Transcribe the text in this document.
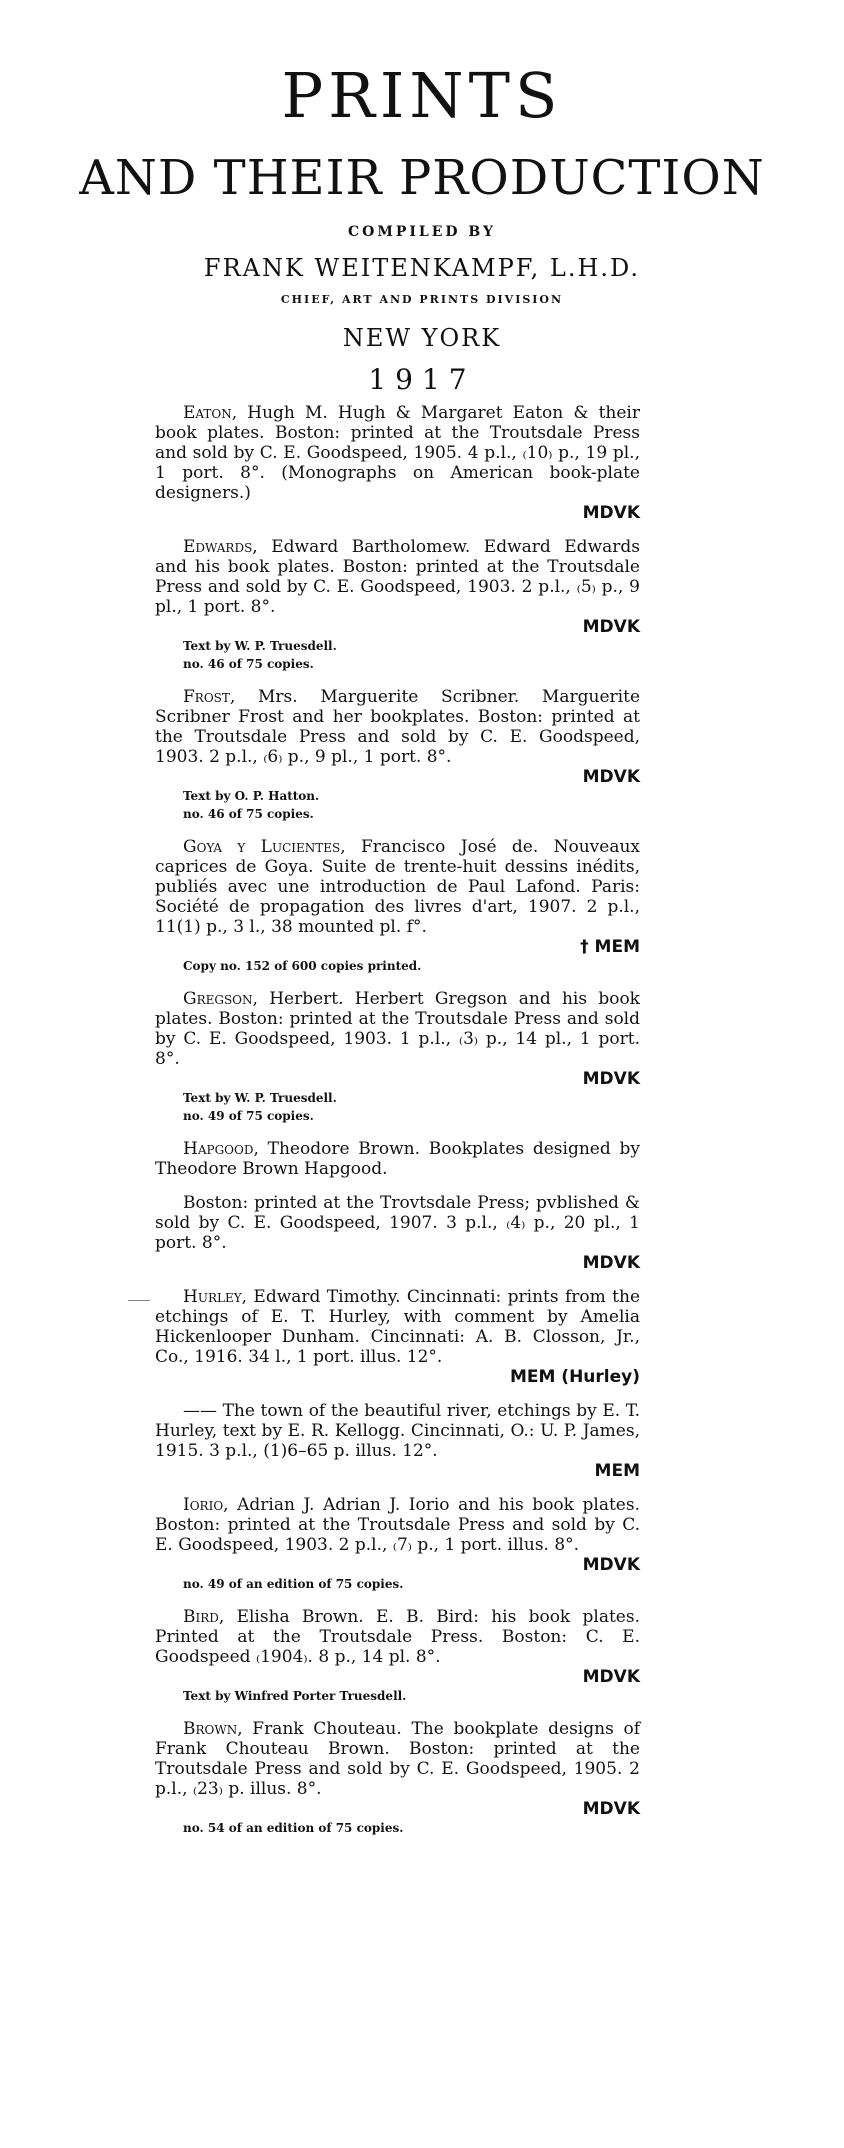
PRINTS
AND THEIR PRODUCTION
COMPILED BY
FRANK WEITENKAMPF, L.H.D.
CHIEF, ART AND PRINTS DIVISION
NEW YORK
1917

Eaton, Hugh M. Hugh & Margaret Eaton & their book plates. Boston: printed at the Troutsdale Press and sold by C. E. Goodspeed, 1905. 4 p.l., ₍10₎ p., 19 pl., 1 port. 8°. (Monographs on American book-plate designers.)
MDVK

Edwards, Edward Bartholomew. Edward Edwards and his book plates. Boston: printed at the Troutsdale Press and sold by C. E. Goodspeed, 1903. 2 p.l., ₍5₎ p., 9 pl., 1 port. 8°.
MDVK

Text by W. P. Truesdell.

no. 46 of 75 copies.

Frost, Mrs. Marguerite Scribner. Marguerite Scribner Frost and her bookplates. Boston: printed at the Troutsdale Press and sold by C. E. Goodspeed, 1903. 2 p.l., ₍6₎ p., 9 pl., 1 port. 8°.
MDVK

Text by O. P. Hatton.

no. 46 of 75 copies.

Goya y Lucientes, Francisco José de. Nouveaux caprices de Goya. Suite de trente-huit dessins inédits, publiés avec une introduction de Paul Lafond. Paris: Société de propagation des livres d'art, 1907. 2 p.l., 11(1) p., 3 l., 38 mounted pl. f°.
† MEM

Copy no. 152 of 600 copies printed.

Gregson, Herbert. Herbert Gregson and his book plates. Boston: printed at the Troutsdale Press and sold by C. E. Goodspeed, 1903. 1 p.l., ₍3₎ p., 14 pl., 1 port. 8°.
MDVK

Text by W. P. Truesdell.

no. 49 of 75 copies.

Hapgood, Theodore Brown. Bookplates designed by Theodore Brown Hapgood.

Boston: printed at the Trovtsdale Press; pvblished & sold by C. E. Goodspeed, 1907. 3 p.l., ₍4₎ p., 20 pl., 1 port. 8°.
MDVK

Hurley, Edward Timothy. Cincinnati: prints from the etchings of E. T. Hurley, with comment by Amelia Hickenlooper Dunham. Cincinnati: A. B. Closson, Jr., Co., 1916. 34 l., 1 port. illus. 12°.
MEM (Hurley)

—— The town of the beautiful river, etchings by E. T. Hurley, text by E. R. Kellogg. Cincinnati, O.: U. P. James, 1915. 3 p.l., (1)6–65 p. illus. 12°.
MEM

Iorio, Adrian J. Adrian J. Iorio and his book plates. Boston: printed at the Troutsdale Press and sold by C. E. Goodspeed, 1903. 2 p.l., ₍7₎ p., 1 port. illus. 8°.
MDVK

no. 49 of an edition of 75 copies.

Bird, Elisha Brown. E. B. Bird: his book plates. Printed at the Troutsdale Press. Boston: C. E. Goodspeed ₍1904₎. 8 p., 14 pl. 8°.
MDVK

Text by Winfred Porter Truesdell.

Brown, Frank Chouteau. The bookplate designs of Frank Chouteau Brown. Boston: printed at the Troutsdale Press and sold by C. E. Goodspeed, 1905. 2 p.l., ₍23₎ p. illus. 8°.
MDVK

no. 54 of an edition of 75 copies.
